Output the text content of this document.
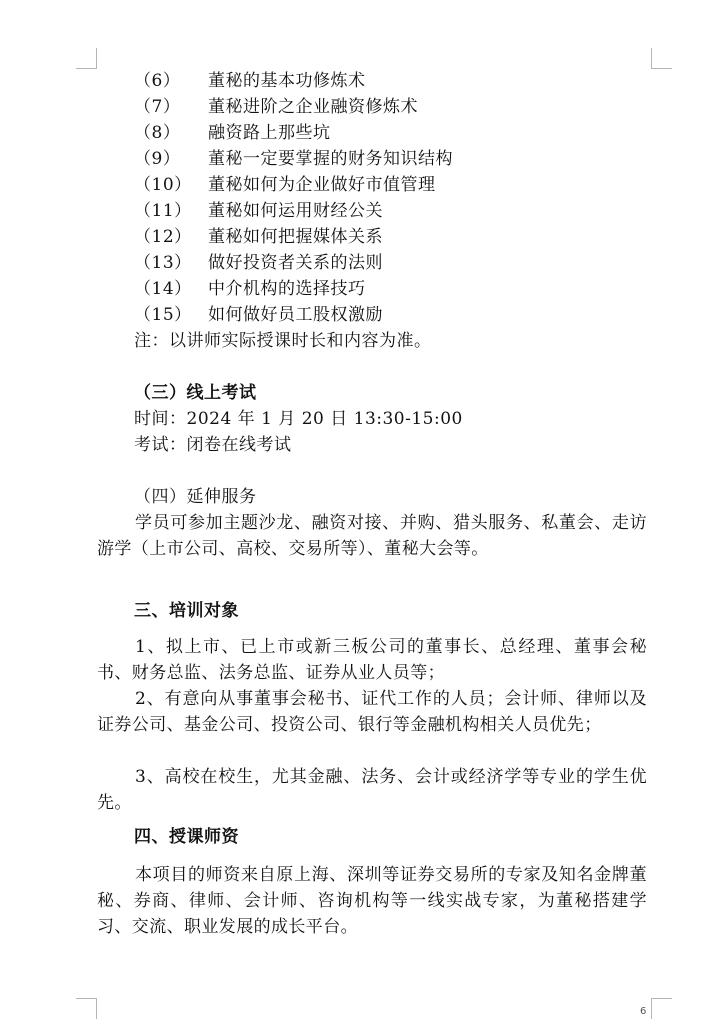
（6） 董秘的基本功修炼术
（7） 董秘进阶之企业融资修炼术
（8） 融资路上那些坑
（9） 董秘一定要掌握的财务知识结构
（10） 董秘如何为企业做好市值管理
（11） 董秘如何运用财经公关
（12） 董秘如何把握媒体关系
（13） 做好投资者关系的法则
（14） 中介机构的选择技巧
（15） 如何做好员工股权激励
注：以讲师实际授课时长和内容为准。
（三）线上考试
时间：2024 年 1 月 20 日 13:30-15:00
考试：闭卷在线考试
（四）延伸服务
学员可参加主题沙龙、融资对接、并购、猎头服务、私董会、走访游学（上市公司、高校、交易所等）、董秘大会等。
三、培训对象
1、拟上市、已上市或新三板公司的董事长、总经理、董事会秘书、财务总监、法务总监、证券从业人员等；
2、有意向从事董事会秘书、证代工作的人员；会计师、律师以及证券公司、基金公司、投资公司、银行等金融机构相关人员优先；
3、高校在校生，尤其金融、法务、会计或经济学等专业的学生优先。
四、授课师资
本项目的师资来自原上海、深圳等证券交易所的专家及知名金牌董秘、券商、律师、会计师、咨询机构等一线实战专家，为董秘搭建学习、交流、职业发展的成长平台。
6
